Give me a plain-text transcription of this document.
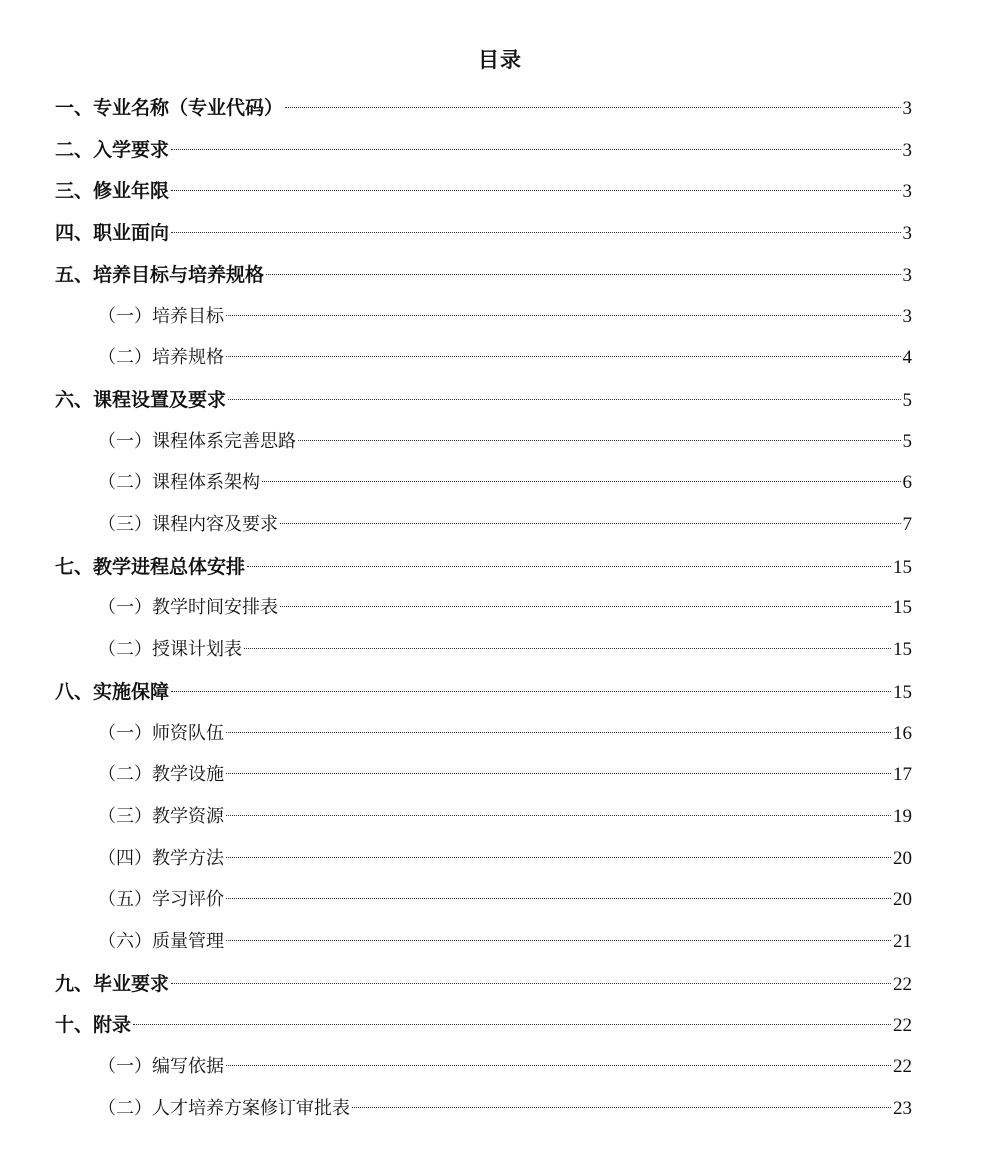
目录
一、专业名称（专业代码）	3
二、入学要求	3
三、修业年限	3
四、职业面向	3
五、培养目标与培养规格	3
（一）培养目标	3
（二）培养规格	4
六、课程设置及要求	5
（一）课程体系完善思路	5
（二）课程体系架构	6
（三）课程内容及要求	7
七、教学进程总体安排	15
（一）教学时间安排表	15
（二）授课计划表	15
八、实施保障	15
（一）师资队伍	16
（二）教学设施	17
（三）教学资源	19
（四）教学方法	20
（五）学习评价	20
（六）质量管理	21
九、毕业要求	22
十、附录	22
（一）编写依据	22
（二）人才培养方案修订审批表	23
